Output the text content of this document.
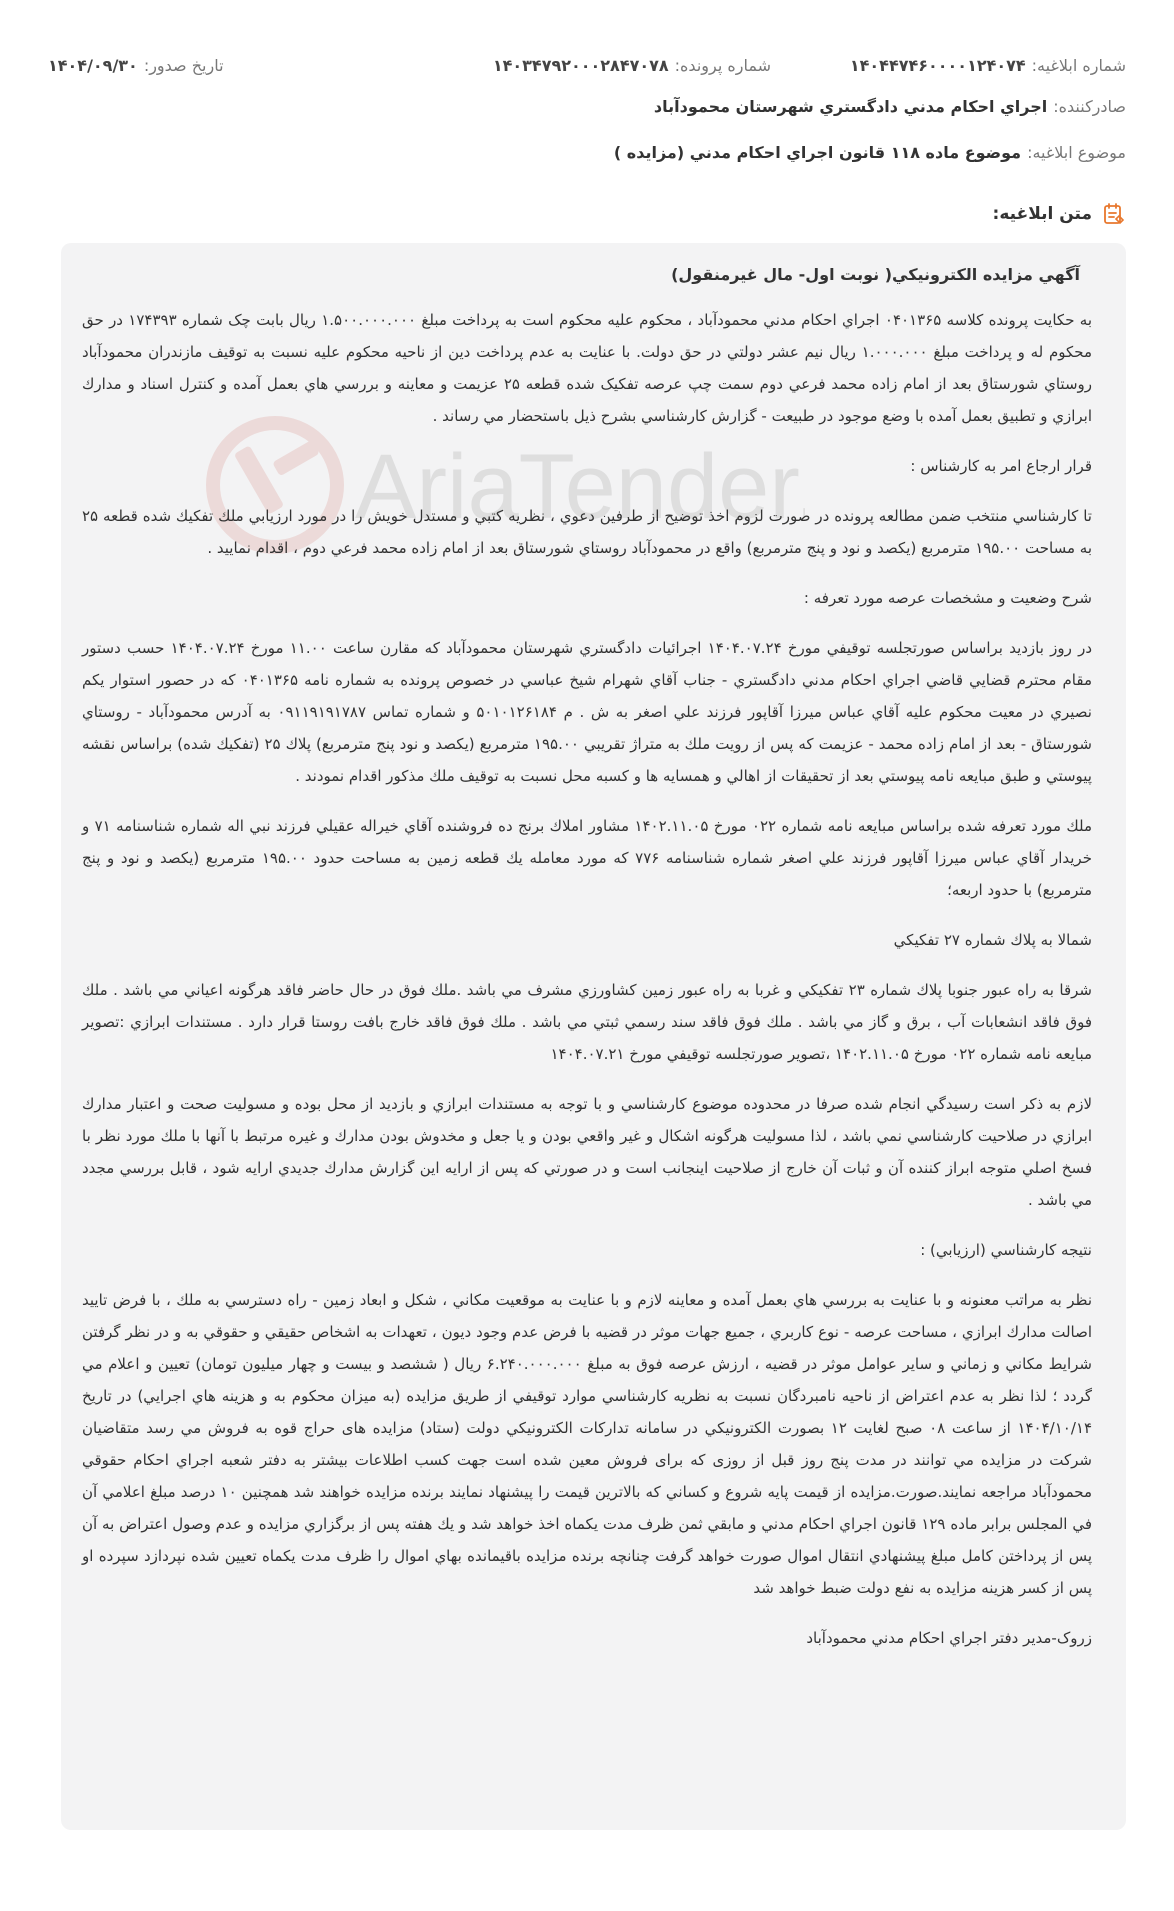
شماره ابلاغيه:۱۴۰۴۴۷۴۶۰۰۰۰۱۲۴۰۷۴
شماره پرونده:۱۴۰۳۴۷۹۲۰۰۰۲۸۴۷۰۷۸
تاريخ صدور:۱۴۰۴/۰۹/۳۰
صادرکننده:اجراي احكام مدني دادگستري شهرستان محمودآباد
موضوع ابلاغيه:موضوع ماده ۱۱۸ قانون اجراي احکام مدني (مزايده )
متن ابلاغيه:
AriaTender
آگهي مزايده الكترونيكي( نوبت اول- مال غيرمنقول)

به حكايت پرونده كلاسه ۰۴۰۱۳۶۵ اجراي احكام مدني محمودآباد ، محكوم عليه محكوم است به پرداخت مبلغ ۱.۵۰۰.۰۰۰.۰۰۰ ريال بابت چک شماره ۱۷۴۳۹۳ در حق محکوم له و پرداخت مبلغ ۱.۰۰۰.۰۰۰ ريال نيم عشر دولتي در حق دولت. با عنايت به عدم پرداخت دين از ناحيه محكوم عليه نسبت به توقيف مازندران محمودآباد روستاي شورستاق بعد از امام زاده محمد فرعي دوم سمت چپ عرصه تفکيک شده قطعه ۲۵ عزيمت و معاينه و بررسي هاي بعمل آمده و كنترل اسناد و مدارك ابرازي و تطبيق بعمل آمده با وضع موجود در طبيعت - گزارش كارشناسي بشرح ذيل باستحضار مي رساند .

قرار ارجاع امر به كارشناس :

تا كارشناسي منتخب ضمن مطالعه پرونده در صورت لزوم اخذ توضيح از طرفين دعوي ، نظريه كتبي و مستدل خويش را در مورد ارزيابي ملك تفكيك شده قطعه ۲۵ به مساحت ۱۹۵.۰۰ مترمربع (يكصد و نود و پنج مترمربع) واقع در محمودآباد روستاي شورستاق بعد از امام زاده محمد فرعي دوم ، اقدام نماييد .

شرح وضعيت و مشخصات عرصه مورد تعرفه :

در روز بازديد براساس صورتجلسه توقيفي مورخ ۱۴۰۴.۰۷.۲۴ اجرائيات دادگستري شهرستان محمودآباد كه مقارن ساعت ۱۱.۰۰ مورخ ۱۴۰۴.۰۷.۲۴ حسب دستور مقام محترم قضايي قاضي اجراي احكام مدني دادگستري - جناب آقاي شهرام شيخ عباسي در خصوص پرونده به شماره نامه ۰۴۰۱۳۶۵ كه در حصور استوار يكم نصيري در معيت محكوم عليه آقاي عباس ميرزا آقاپور فرزند علي اصغر به ش . م ۵۰۱۰۱۲۶۱۸۴ و شماره تماس ۰۹۱۱۹۱۹۱۷۸۷ به آدرس محمودآباد - روستاي شورستاق - بعد از امام زاده محمد - عزيمت كه پس از رويت ملك به متراژ تقريبي ۱۹۵.۰۰ مترمربع (يكصد و نود پنج مترمربع) پلاك ۲۵ (تفكيك شده) براساس نقشه پيوستي و طبق مبايعه نامه پيوستي بعد از تحقيقات از اهالي و همسايه ها و كسبه محل نسبت به توقيف ملك مذكور اقدام نمودند .

ملك مورد تعرفه شده براساس مبايعه نامه شماره ۰۲۲ مورخ ۱۴۰۲.۱۱.۰۵ مشاور املاك برنج ده فروشنده آقاي خيراله عقيلي فرزند نبي اله شماره شناسنامه ۷۱ و خريدار آقاي عباس ميرزا آقاپور فرزند علي اصغر شماره شناسنامه ۷۷۶ كه مورد معامله يك قطعه زمين به مساحت حدود ۱۹۵.۰۰ مترمربع (يكصد و نود و پنج مترمربع) با حدود اربعه؛

شمالا به پلاك شماره ۲۷ تفكيكي

شرقا به راه عبور جنوبا پلاك شماره ۲۳ تفكيكي و غربا به راه عبور زمين كشاورزي مشرف مي باشد .ملك فوق در حال حاضر فاقد هرگونه اعياني مي باشد . ملك فوق فاقد انشعابات آب ، برق و گاز مي باشد . ملك فوق فاقد سند رسمي ثبتي مي باشد . ملك فوق فاقد خارج بافت روستا قرار دارد . مستندات ابرازي :تصوير مبايعه نامه شماره ۰۲۲ مورخ ۱۴۰۲.۱۱.۰۵ ،تصوير صورتجلسه توقيفي مورخ ۱۴۰۴.۰۷.۲۱

لازم به ذكر است رسيدگي انجام شده صرفا در محدوده موضوع كارشناسي و با توجه به مستندات ابرازي و بازديد از محل بوده و مسوليت صحت و اعتبار مدارك ابرازي در صلاحيت كارشناسي نمي باشد ، لذا مسوليت هرگونه اشكال و غير واقعي بودن و يا جعل و مخدوش بودن مدارك و غيره مرتبط با آنها با ملك مورد نظر با فسخ اصلي متوجه ابراز كننده آن و ثبات آن خارج از صلاحيت اينجانب است و در صورتي كه پس از ارايه اين گزارش مدارك جديدي ارايه شود ، قابل بررسي مجدد مي باشد .

نتيجه كارشناسي (ارزيابي) :

نظر به مراتب معنونه و با عنايت به بررسي هاي بعمل آمده و معاينه لازم و با عنايت به موقعيت مكاني ، شكل و ابعاد زمين - راه دسترسي به ملك ، با فرض تاييد اصالت مدارك ابرازي ، مساحت عرصه - نوع كاربري ، جميع جهات موثر در قضيه با فرض عدم وجود ديون ، تعهدات به اشخاص حقيقي و حقوقي به و در نظر گرفتن شرايط مكاني و زماني و ساير عوامل موثر در قضيه ، ارزش عرصه فوق به مبلغ ۶.۲۴۰.۰۰۰.۰۰۰ ريال ( ششصد و بيست و چهار ميليون تومان) تعيين و اعلام مي گردد ؛ لذا نظر به عدم اعتراض از ناحيه نامبردگان نسبت به نظريه کارشناسي موارد توقيفي از طريق مزايده (به ميزان محکوم به و هزينه هاي اجرايي) در تاريخ ۱۴۰۴/۱۰/۱۴ از ساعت ۰۸ صبح لغايت ۱۲ بصورت الکترونيکي در سامانه تدارکات الکترونيکي دولت (ستاد) مزايده هاى حراج قوه به فروش مي رسد متقاضيان شرکت در مزايده مي توانند در مدت پنج روز قبل از روزى که براى فروش معين شده است جهت کسب اطلاعات بيشتر به دفتر شعبه اجراي احکام حقوقي محمودآباد مراجعه نمايند.صورت.مزايده از قيمت پايه شروع و کساني که بالاترين قيمت را پيشنهاد نمايند برنده مزايده خواهند شد همچنين ۱۰ درصد مبلغ اعلامي آن في المجلس برابر ماده ۱۲۹ قانون اجراي احکام مدني و مابقي ثمن ظرف مدت يکماه اخذ خواهد شد و يك هفته پس از برگزاري مزايده و عدم وصول اعتراض به آن پس از پرداختن کامل مبلغ پيشنهادي انتقال اموال صورت خواهد گرفت چنانچه برنده مزايده باقيمانده بهاي اموال را ظرف مدت يکماه تعيين شده نپردازد سپرده او پس از کسر هزينه مزايده به نفع دولت ضبط خواهد شد

زروک-مدير دفتر اجراي احکام مدني محمودآباد
